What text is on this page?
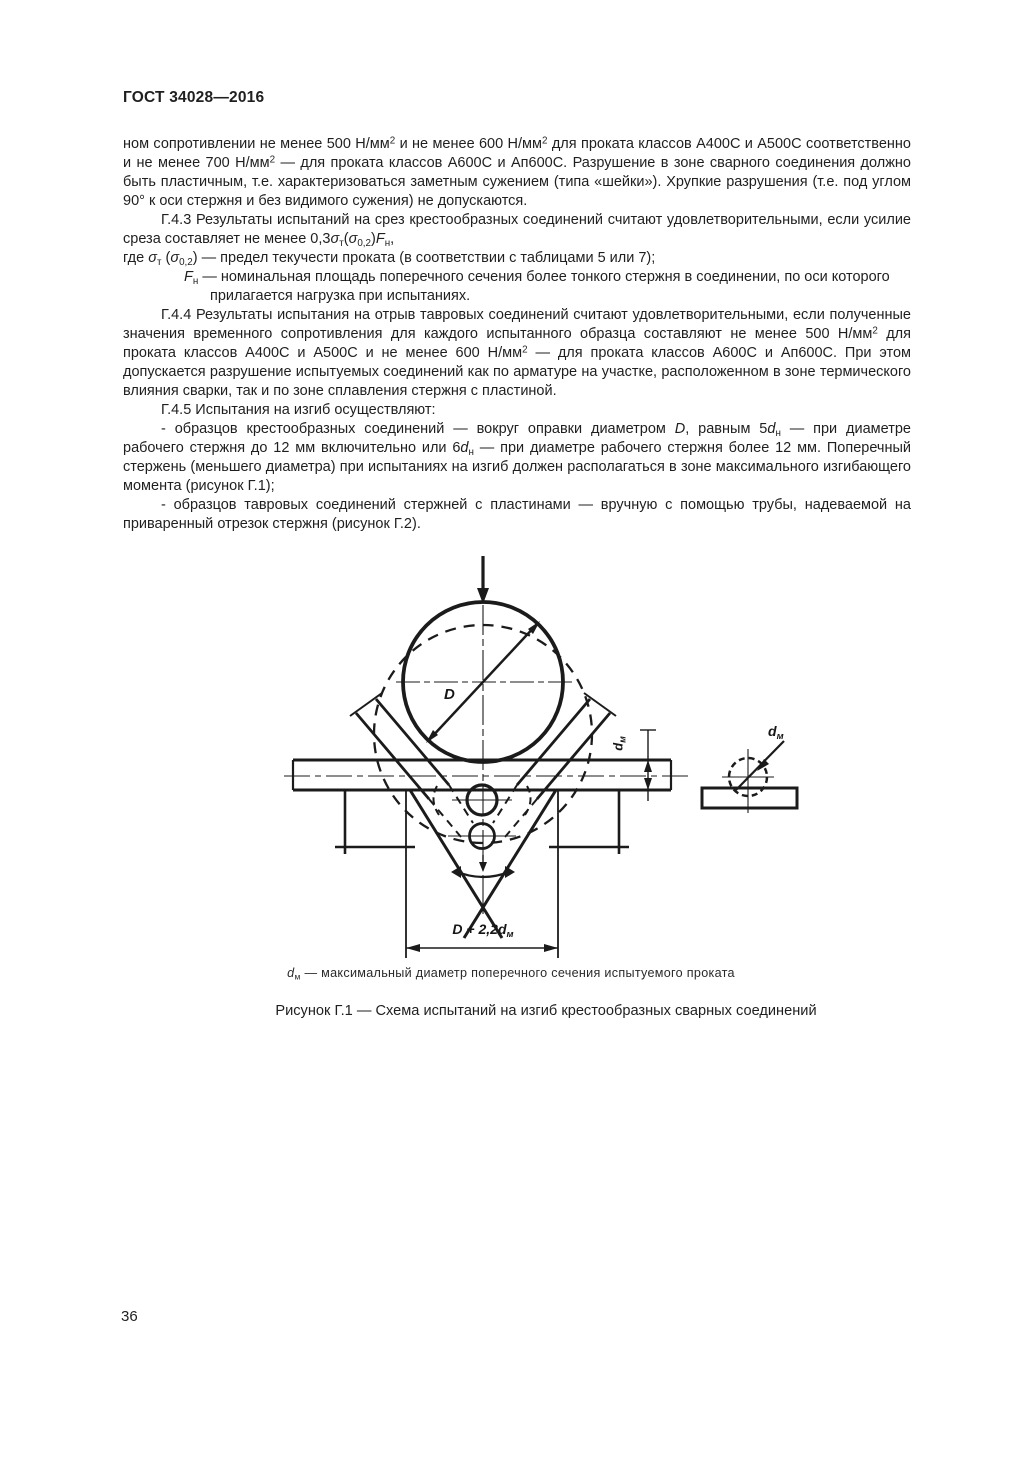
ГОСТ 34028—2016

ном сопротивлении не менее 500 $Н/мм^2$ и не менее 600 $Н/мм^2$ для проката классов А400С и А500С соответственно и не менее 700 $Н/мм^2$ — для проката классов А600С и Ап600С. Разрушение в зоне сварного соединения должно быть пластичным, т.е. характеризоваться заметным сужением (типа «шейки»). Хрупкие разрушения (т.е. под углом 90° к оси стержня и без видимого сужения) не допускаются.

Г.4.3 Результаты испытаний на срез крестообразных соединений считают удовлетворительными, если усилие среза составляет не менее $0,3\sigma_т(\sigma_{0,2})F_н$,

где $\sigma_т$ $(\sigma_{0,2})$ — предел текучести проката (в соответствии с таблицами 5 или 7);

$F_н$ — номинальная площадь поперечного сечения более тонкого стержня в соединении, по оси которого прилагается нагрузка при испытаниях.

Г.4.4 Результаты испытания на отрыв тавровых соединений считают удовлетворительными, если полученные значения временного сопротивления для каждого испытанного образца составляют не менее 500 $Н/мм^2$ для проката классов А400С и А500С и не менее 600 $Н/мм^2$ — для проката классов А600С и Ап600С. При этом допускается разрушение испытуемых соединений как по арматуре на участке, расположенном в зоне термического влияния сварки, так и по зоне сплавления стержня с пластиной.

Г.4.5 Испытания на изгиб осуществляют:

- образцов крестообразных соединений — вокруг оправки диаметром D, равным $5d_н$ — при диаметре рабочего стержня до 12 мм включительно или $6d_н$ — при диаметре рабочего стержня более 12 мм. Поперечный стержень (меньшего диаметра) при испытаниях на изгиб должен располагаться в зоне максимального изгибающего момента (рисунок Г.1);

- образцов тавровых соединений стержней с пластинами — вручную с помощью трубы, надеваемой на приваренный отрезок стержня (рисунок Г.2).

D
$D + 2,2d_м$
$d_м$
$d_м$
$d_м$ — максимальный диаметр поперечного сечения испытуемого проката
Рисунок Г.1 — Схема испытаний на изгиб крестообразных сварных соединений
36
